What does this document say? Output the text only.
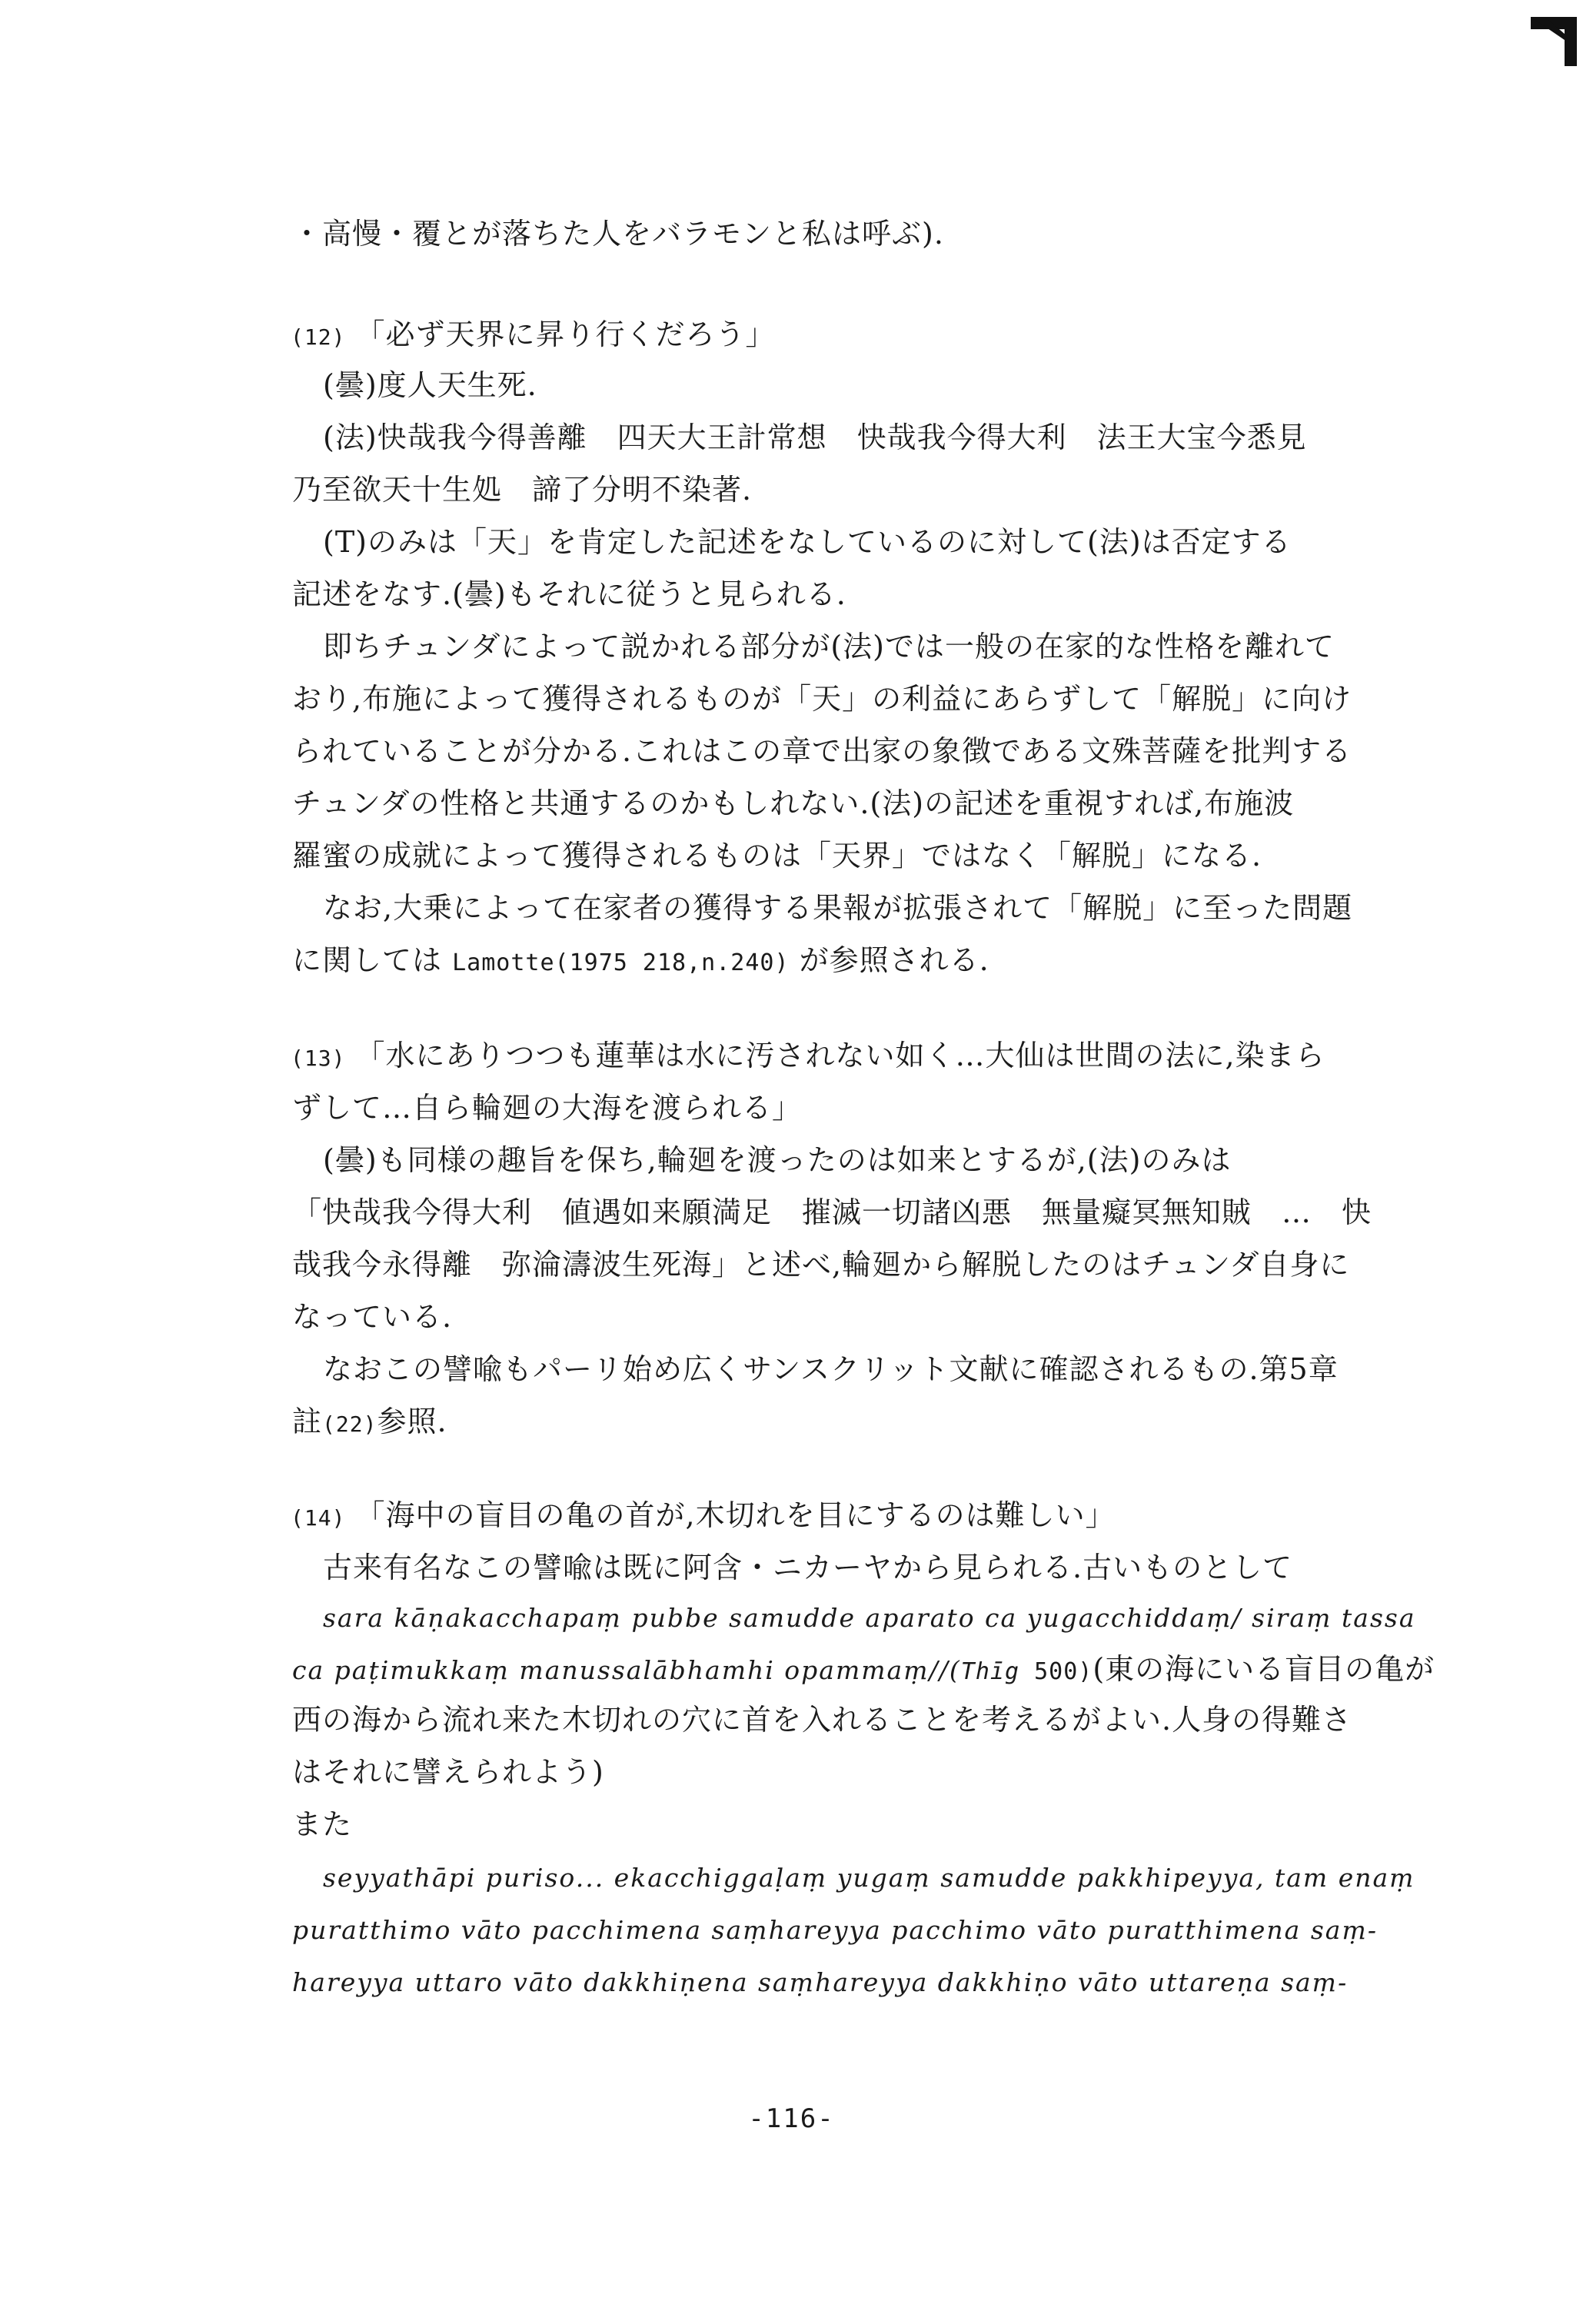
・高慢・覆とが落ちた人をバラモンと私は呼ぶ).
(12) 「必ず天界に昇り行くだろう」
(曇)度人天生死.
(法)快哉我今得善離　四天大王計常想　快哉我今得大利　法王大宝今悉見
乃至欲天十生処　諦了分明不染著.
(T)のみは「天」を肯定した記述をなしているのに対して(法)は否定する
記述をなす.(曇)もそれに従うと見られる.
即ちチュンダによって説かれる部分が(法)では一般の在家的な性格を離れて
おり,布施によって獲得されるものが「天」の利益にあらずして「解脱」に向け
られていることが分かる.これはこの章で出家の象徴である文殊菩薩を批判する
チュンダの性格と共通するのかもしれない.(法)の記述を重視すれば,布施波
羅蜜の成就によって獲得されるものは「天界」ではなく「解脱」になる.
なお,大乗によって在家者の獲得する果報が拡張されて「解脱」に至った問題
に関しては Lamotte(1975 218,n.240) が参照される.
(13) 「水にありつつも蓮華は水に汚されない如く…大仙は世間の法に,染まら
ずして…自ら輪廻の大海を渡られる」
(曇)も同様の趣旨を保ち,輪廻を渡ったのは如来とするが,(法)のみは
「快哉我今得大利　値遇如来願満足　摧滅一切諸凶悪　無量癡冥無知賊　…　快
哉我今永得離　弥淪濤波生死海」と述べ,輪廻から解脱したのはチュンダ自身に
なっている.
なおこの譬喩もパーリ始め広くサンスクリット文献に確認されるもの.第5章
註(22)参照.
(14) 「海中の盲目の亀の首が,木切れを目にするのは難しい」
古来有名なこの譬喩は既に阿含・ニカーヤから見られる.古いものとして
sara kāṇakacchapaṃ pubbe samudde aparato ca yugacchiddaṃ/ siraṃ tassa
ca paṭimukkaṃ manussalābhamhi opammaṃ//(Thīg 500)(東の海にいる盲目の亀が
西の海から流れ来た木切れの穴に首を入れることを考えるがよい.人身の得難さ
はそれに譬えられよう)
また
seyyathāpi puriso... ekacchiggaḷaṃ yugaṃ samudde pakkhipeyya, tam enaṃ
puratthimo vāto pacchimena saṃhareyya pacchimo vāto puratthimena saṃ-
hareyya uttaro vāto dakkhiṇena saṃhareyya dakkhiṇo vāto uttareṇa saṃ-
-116-
